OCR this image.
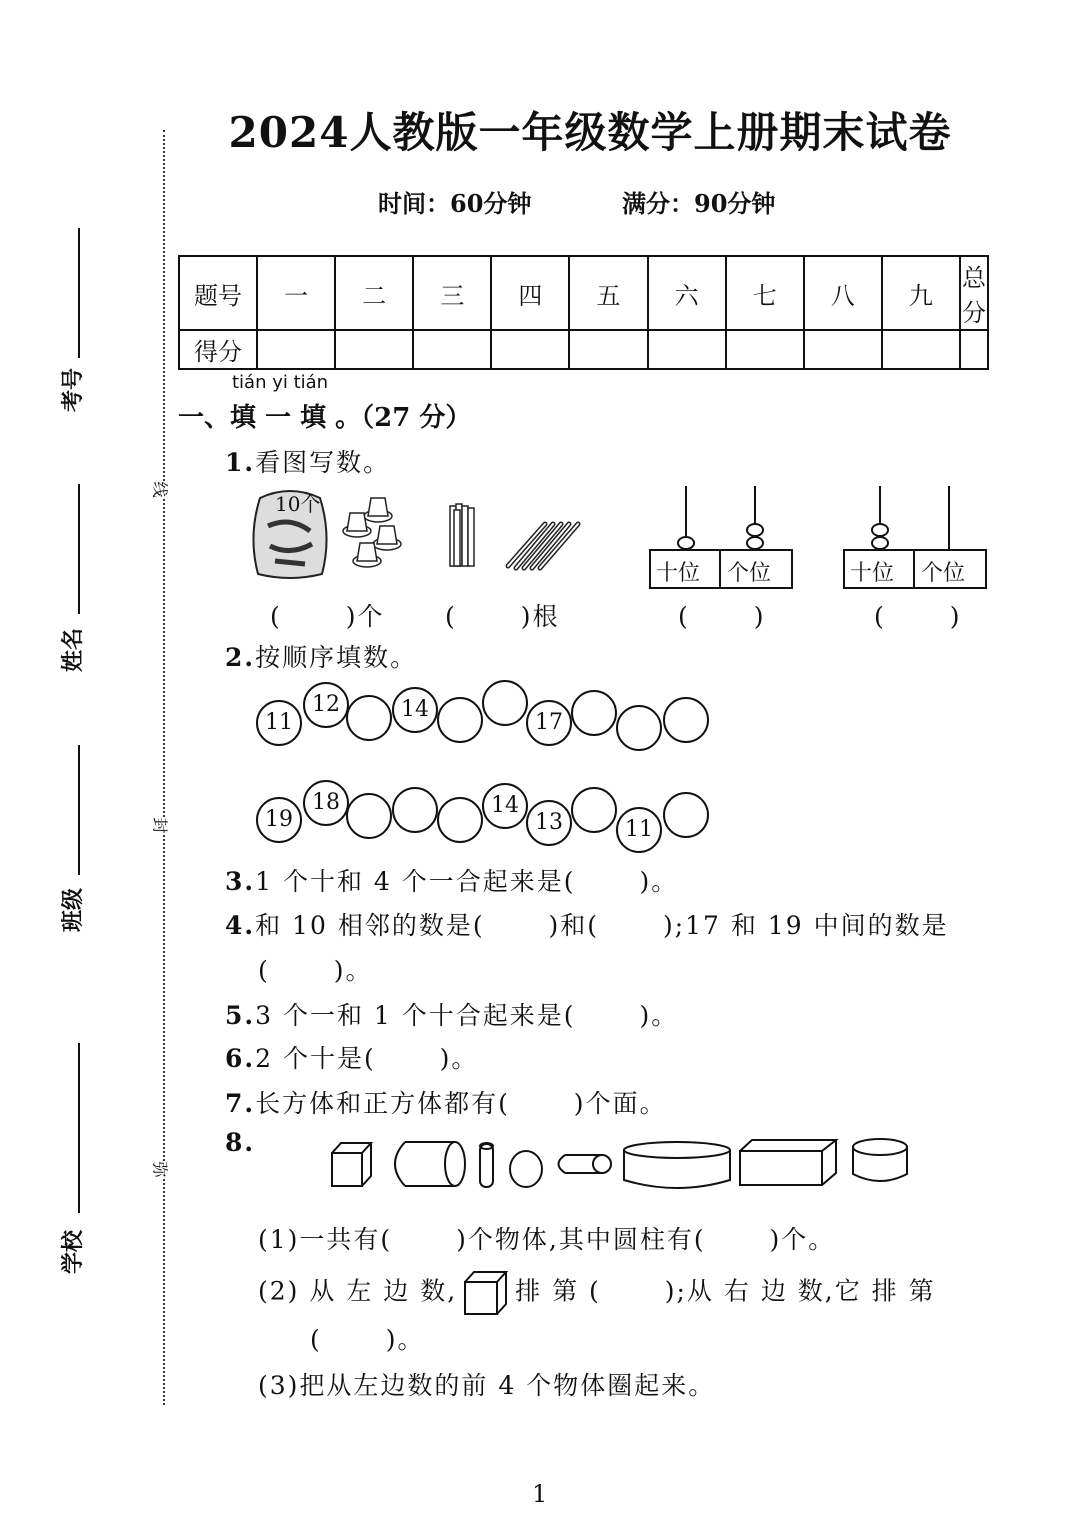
线
封
弥
考号
姓名
班级
学校
2024人教版一年级数学上册期末试卷
时间：60分钟	满分：90分钟
题号	一	二	三	四	五	六	七	八	九	总分
得分										
tián yi tián
一、填 一 填 。（27 分）
1.看图写数。
10个
十位 个位	十位 个位
(　　 )个 (　　 )根	(　　 )	(　　 )
2.按顺序填数。
11
12	14
17
19
18	14
13	11
3.1 个十和 4 个一合起来是(　　 )。
4.和 10 相邻的数是(　　 )和(　　 );17 和 19 中间的数是
(　　 )。
5.3 个一和 1 个十合起来是(　　 )。
6.2 个十是(　　 )。
7.长方体和正方体都有(　　 )个面。
8.
(1)一共有(　　 )个物体,其中圆柱有(　　 )个。
(2) 从 左 边 数, 排 第 (　　 );从 右 边 数,它 排 第
(　　 )。
(3)把从左边数的前 4 个物体圈起来。
1
